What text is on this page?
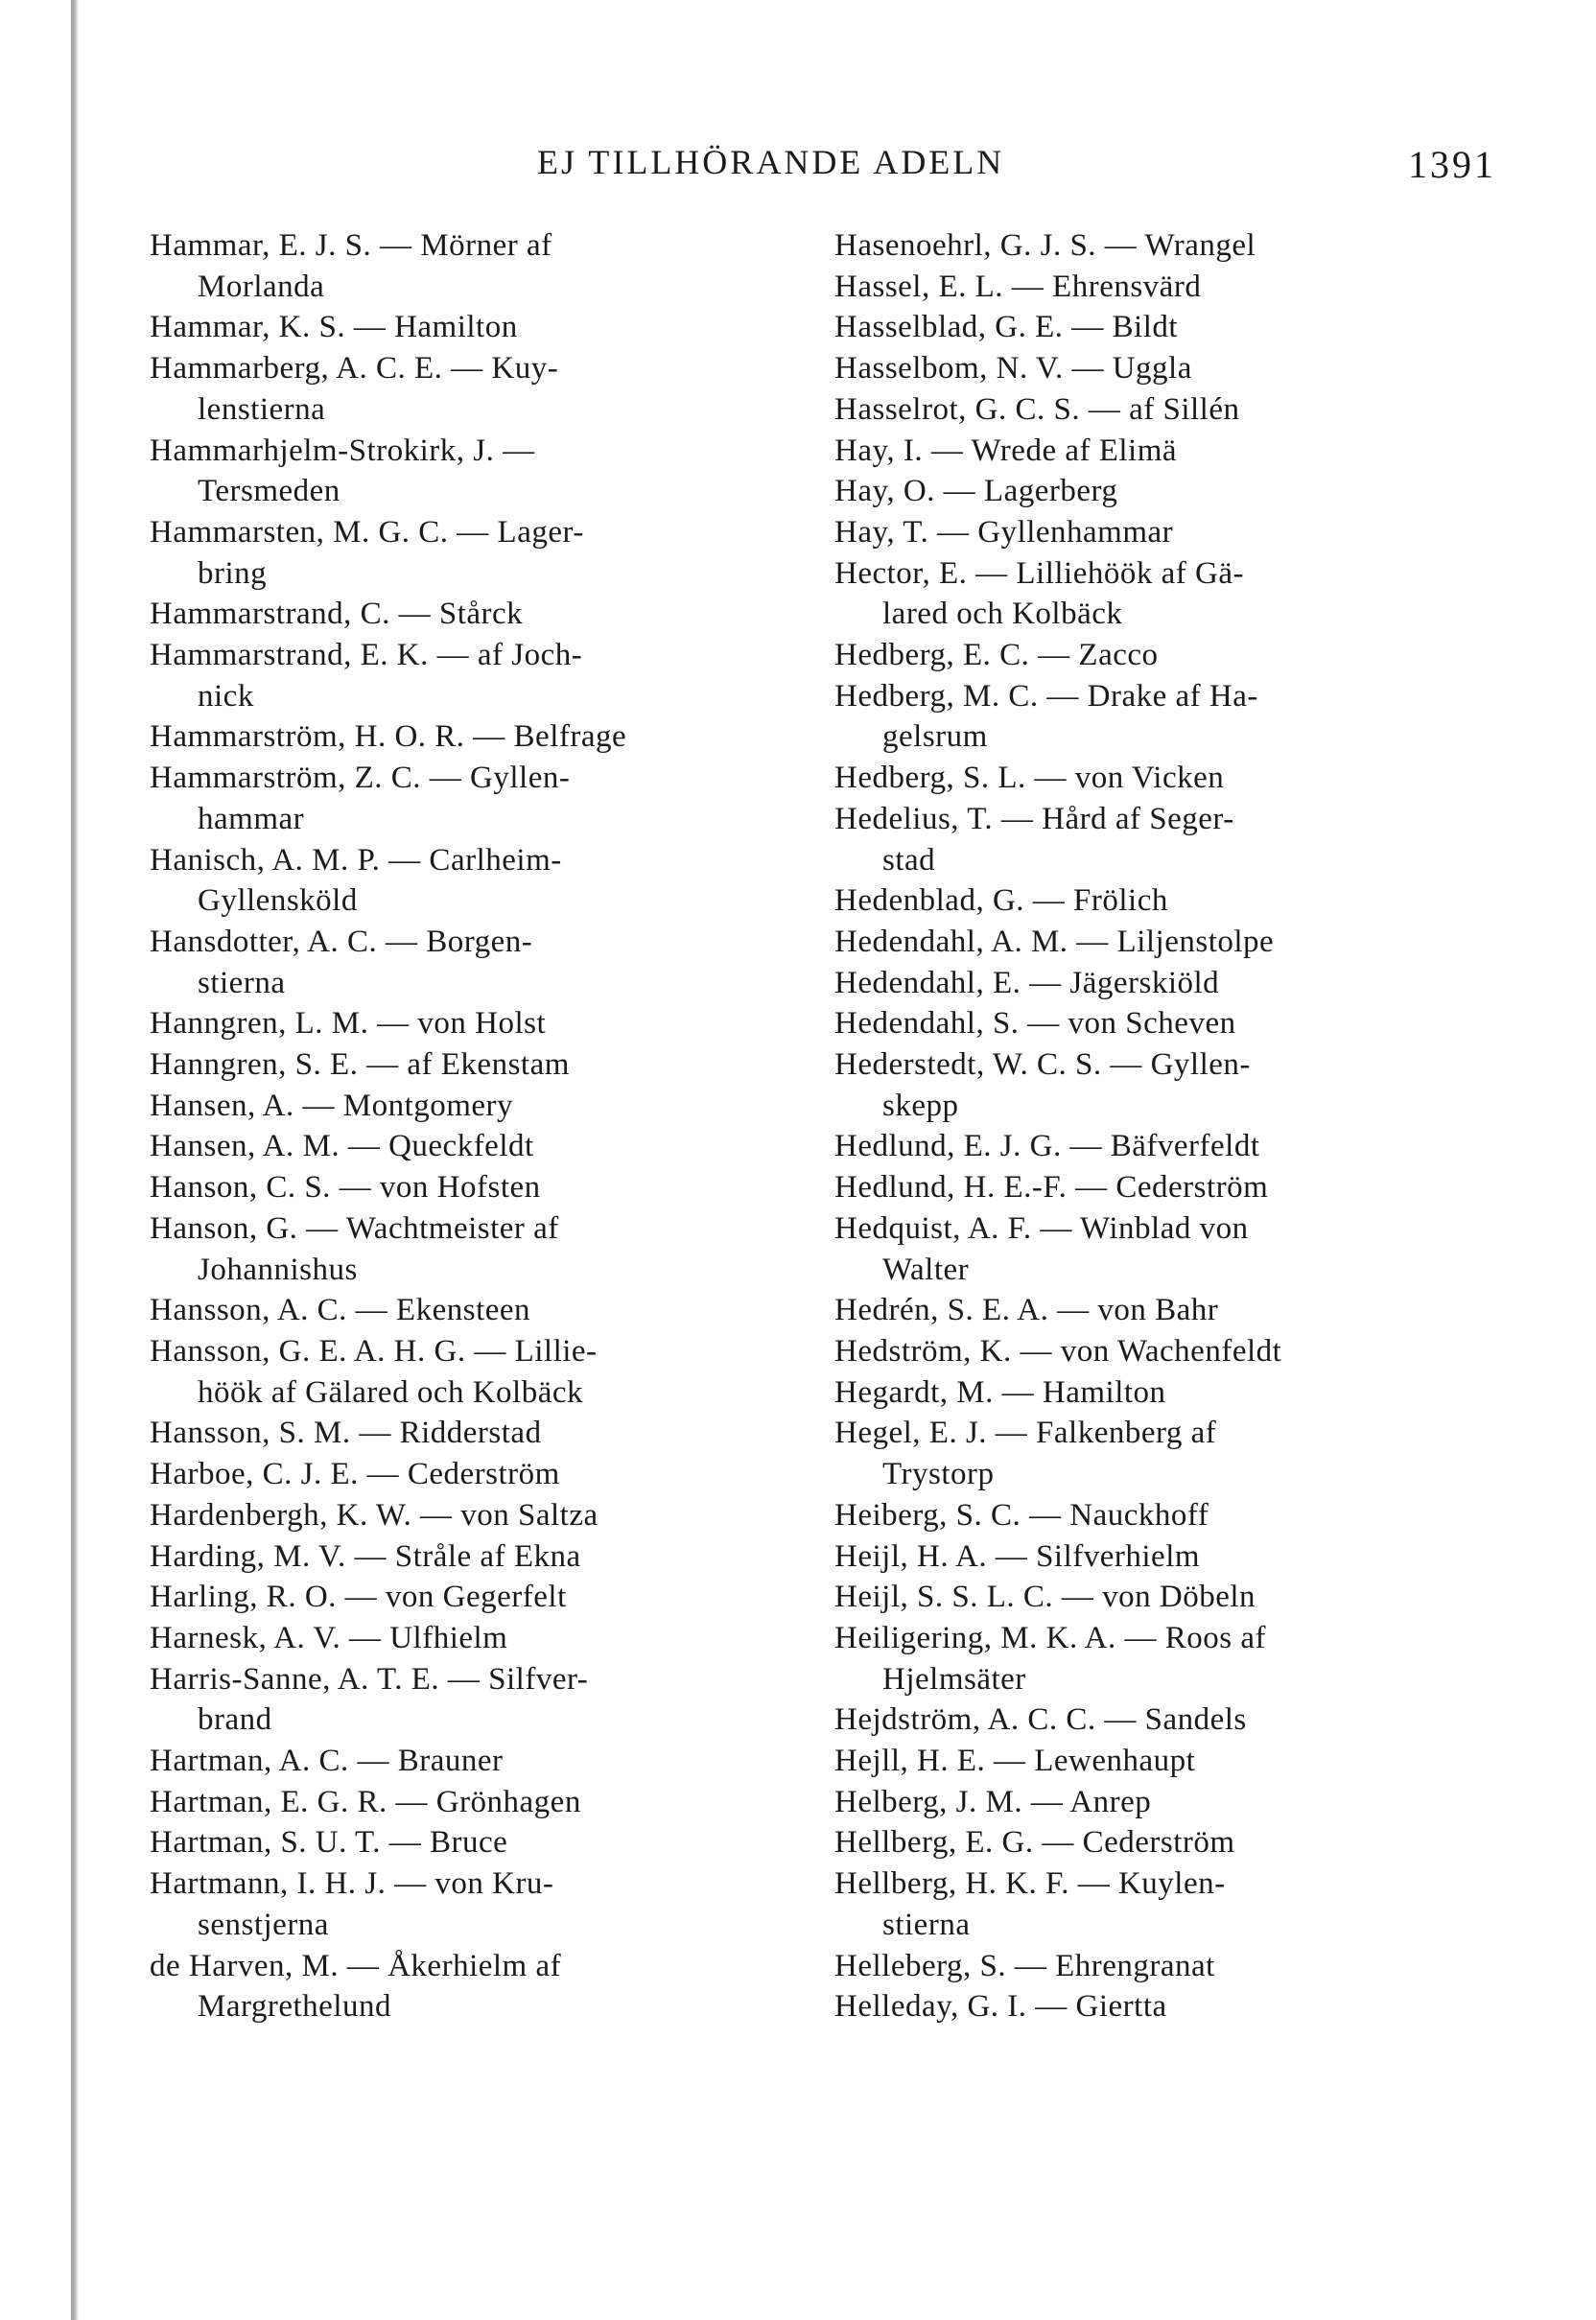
EJ TILLHÖRANDE ADELN	1391
Hammar, E. J. S. — Mörner af
Morlanda
Hammar, K. S. — Hamilton
Hammarberg, A. C. E. — Kuy-
lenstierna
Hammarhjelm-Strokirk, J. —
Tersmeden
Hammarsten, M. G. C. — Lager-
bring
Hammarstrand, C. — Stårck
Hammarstrand, E. K. — af Joch-
nick
Hammarström, H. O. R. — Belfrage
Hammarström, Z. C. — Gyllen-
hammar
Hanisch, A. M. P. — Carlheim-
Gyllensköld
Hansdotter, A. C. — Borgen-
stierna
Hanngren, L. M. — von Holst
Hanngren, S. E. — af Ekenstam
Hansen, A. — Montgomery
Hansen, A. M. — Queckfeldt
Hanson, C. S. — von Hofsten
Hanson, G. — Wachtmeister af
Johannishus
Hansson, A. C. — Ekensteen
Hansson, G. E. A. H. G. — Lillie-
höök af Gälared och Kolbäck
Hansson, S. M. — Ridderstad
Harboe, C. J. E. — Cederström
Hardenbergh, K. W. — von Saltza
Harding, M. V. — Stråle af Ekna
Harling, R. O. — von Gegerfelt
Harnesk, A. V. — Ulfhielm
Harris-Sanne, A. T. E. — Silfver-
brand
Hartman, A. C. — Brauner
Hartman, E. G. R. — Grönhagen
Hartman, S. U. T. — Bruce
Hartmann, I. H. J. — von Kru-
senstjerna
de Harven, M. — Åkerhielm af
Margrethelund
Hasenoehrl, G. J. S. — Wrangel
Hassel, E. L. — Ehrensvärd
Hasselblad, G. E. — Bildt
Hasselbom, N. V. — Uggla
Hasselrot, G. C. S. — af Sillén
Hay, I. — Wrede af Elimä
Hay, O. — Lagerberg
Hay, T. — Gyllenhammar
Hector, E. — Lilliehöök af Gä-
lared och Kolbäck
Hedberg, E. C. — Zacco
Hedberg, M. C. — Drake af Ha-
gelsrum
Hedberg, S. L. — von Vicken
Hedelius, T. — Hård af Seger-
stad
Hedenblad, G. — Frölich
Hedendahl, A. M. — Liljenstolpe
Hedendahl, E. — Jägerskiöld
Hedendahl, S. — von Scheven
Hederstedt, W. C. S. — Gyllen-
skepp
Hedlund, E. J. G. — Bäfverfeldt
Hedlund, H. E.-F. — Cederström
Hedquist, A. F. — Winblad von
Walter
Hedrén, S. E. A. — von Bahr
Hedström, K. — von Wachenfeldt
Hegardt, M. — Hamilton
Hegel, E. J. — Falkenberg af
Trystorp
Heiberg, S. C. — Nauckhoff
Heijl, H. A. — Silfverhielm
Heijl, S. S. L. C. — von Döbeln
Heiligering, M. K. A. — Roos af
Hjelmsäter
Hejdström, A. C. C. — Sandels
Hejll, H. E. — Lewenhaupt
Helberg, J. M. — Anrep
Hellberg, E. G. — Cederström
Hellberg, H. K. F. — Kuylen-
stierna
Helleberg, S. — Ehrengranat
Helleday, G. I. — Giertta
